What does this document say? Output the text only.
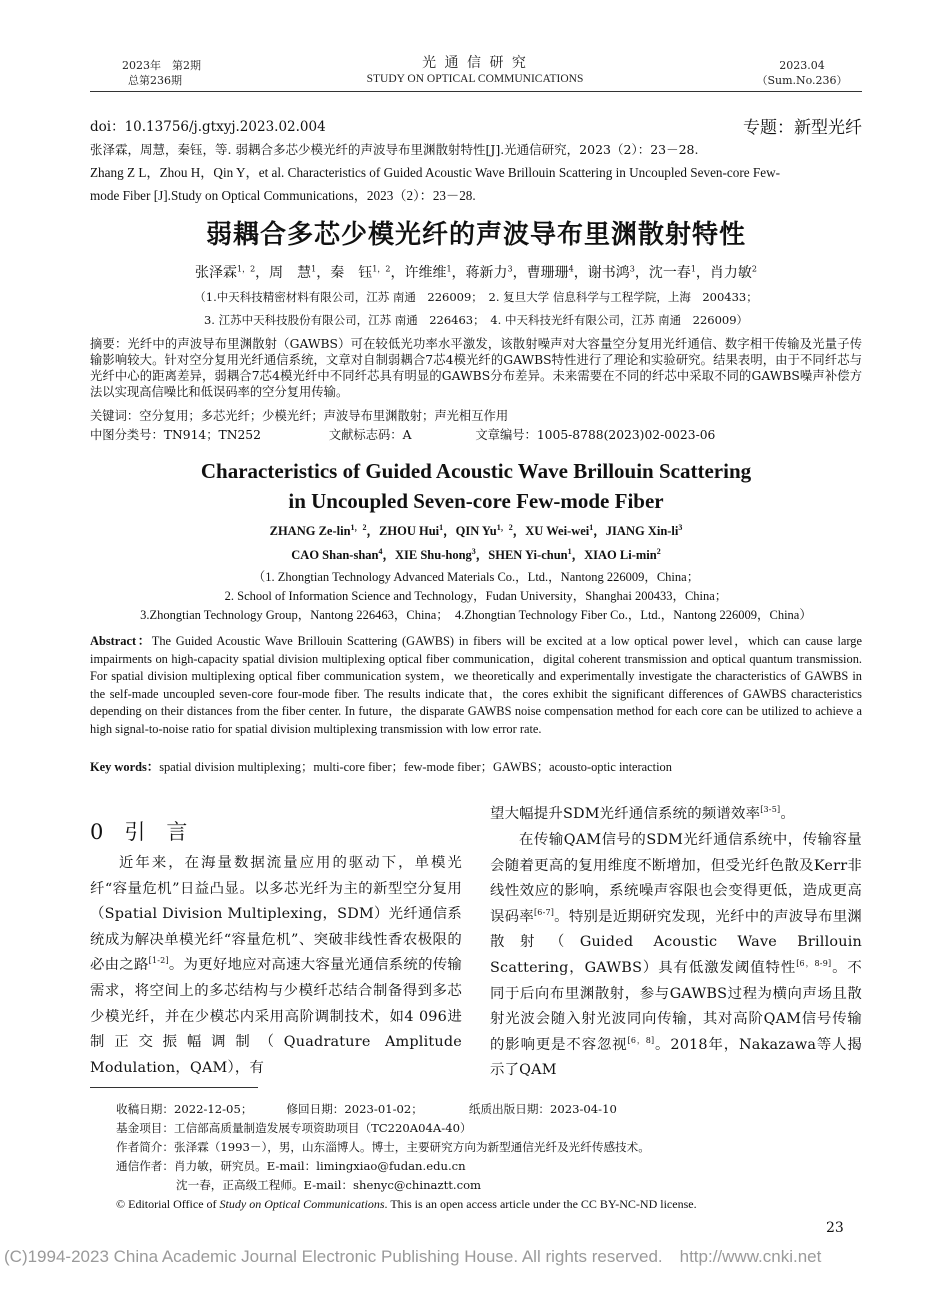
2023年　第2期
总第236期
光 通 信 研 究
STUDY ON OPTICAL COMMUNICATIONS
2023.04
（Sum.No.236）
doi：10.13756/j.gtxyj.2023.02.004	专题：新型光纤
张泽霖，周慧，秦钰，等. 弱耦合多芯少模光纤的声波导布里渊散射特性[J].光通信研究，2023（2）：23－28.
Zhang Z L，Zhou H，Qin Y，et al. Characteristics of Guided Acoustic Wave Brillouin Scattering in Uncoupled Seven-core Few-
mode Fiber [J].Study on Optical Communications，2023（2）：23－28.
弱耦合多芯少模光纤的声波导布里渊散射特性
张泽霖$^{1,2}$，周　慧$^1$，秦　钰$^{1,2}$，许维维$^1$，蒋新力$^3$，曹珊珊$^4$，谢书鸿$^3$，沈一春$^1$，肖力敏$^2$
（1.中天科技精密材料有限公司，江苏 南通　226009；　2. 复旦大学 信息科学与工程学院，上海　200433；
3. 江苏中天科技股份有限公司，江苏 南通　226463；　4. 中天科技光纤有限公司，江苏 南通　226009）
摘要：光纤中的声波导布里渊散射（GAWBS）可在较低光功率水平激发，该散射噪声对大容量空分复用光纤通信、数字相干传输及光量子传输影响较大。针对空分复用光纤通信系统，文章对自制弱耦合7芯4模光纤的GAWBS特性进行了理论和实验研究。结果表明，由于不同纤芯与光纤中心的距离差异，弱耦合7芯4模光纤中不同纤芯具有明显的GAWBS分布差异。未来需要在不同的纤芯中采取不同的GAWBS噪声补偿方法以实现高信噪比和低误码率的空分复用传输。
关键词：空分复用；多芯光纤；少模光纤；声波导布里渊散射；声光相互作用
中图分类号：TN914；TN252	文献标志码：A	文章编号：1005-8788(2023)02-0023-06
Characteristics of Guided Acoustic Wave Brillouin Scattering
in Uncoupled Seven-core Few-mode Fiber
ZHANG Ze-lin$^{1,2}$，ZHOU Hui$^1$，QIN $Yu^{1,2}$，XU Wei-wei$^1$，JIANG Xin-$li^3$
CAO Shan-shan$^4$，XIE Shu-hong$^3$，SHEN Yi-chun$^1$，XIAO $Li-\min^2$
（1. Zhongtian Technology Advanced Materials Co.，Ltd.，Nantong 226009，China；
2. School of Information Science and Technology，Fudan University，Shanghai 200433，China；
3.Zhongtian Technology Group，Nantong 226463，China；　4.Zhongtian Technology Fiber Co.，Ltd.，Nantong 226009，China）
Abstract：The Guided Acoustic Wave Brillouin Scattering (GAWBS) in fibers will be excited at a low optical power level，which can cause large impairments on high-capacity spatial division multiplexing optical fiber communication，digital coherent transmission and optical quantum transmission. For spatial division multiplexing optical fiber communication system，we theoretically and experimentally investigate the characteristics of GAWBS in the self-made uncoupled seven-core four-mode fiber. The results indicate that，the cores exhibit the significant differences of GAWBS characteristics depending on their distances from the fiber center. In future，the disparate GAWBS noise compensation method for each core can be utilized to achieve a high signal-to-noise ratio for spatial division multiplexing transmission with low error rate.
Key words：spatial division multiplexing；multi-core fiber；few-mode fiber；GAWBS；acousto-optic interaction
0　引　言
近年来，在海量数据流量应用的驱动下，单模光纤“容量危机”日益凸显。以多芯光纤为主的新型空分复用（Spatial Division Multiplexing，SDM）光纤通信系统成为解决单模光纤“容量危机”、突破非线性香农极限的必由之路[1-2]。为更好地应对高速大容量光通信系统的传输需求，将空间上的多芯结构与少模纤芯结合制备得到多芯少模光纤，并在少模芯内采用高阶调制技术，如4 096进制正交振幅调制（Quadrature Amplitude Modulation，QAM），有
望大幅提升SDM光纤通信系统的频谱效率[3-5]。
在传输QAM信号的SDM光纤通信系统中，传输容量会随着更高的复用维度不断增加，但受光纤色散及Kerr非线性效应的影响，系统噪声容限也会变得更低，造成更高误码率[6-7]。特别是近期研究发现，光纤中的声波导布里渊散射（Guided Acoustic Wave Brillouin Scattering，GAWBS）具有低激发阈值特性[6，8-9]。不同于后向布里渊散射，参与GAWBS过程为横向声场且散射光波会随入射光波同向传输，其对高阶QAM信号传输的影响更是不容忽视[6，8]。2018年，Nakazawa等人揭示了QAM
收稿日期：2022-12-05；	修回日期：2023-01-02；	纸质出版日期：2023-04-10
基金项目：工信部高质量制造发展专项资助项目（TC220A04A-40）
作者简介：张泽霖（1993－），男，山东淄博人。博士，主要研究方向为新型通信光纤及光纤传感技术。
通信作者：肖力敏，研究员。E-mail：limingxiao@fudan.edu.cn
沈一春，正高级工程师。E-mail：shenyc@chinaztt.com
© Editorial Office of Study on Optical Communications. This is an open access article under the CC BY-NC-ND license.
23
(C)1994-2023 China Academic Journal Electronic Publishing House. All rights reserved.　http://www.cnki.net
